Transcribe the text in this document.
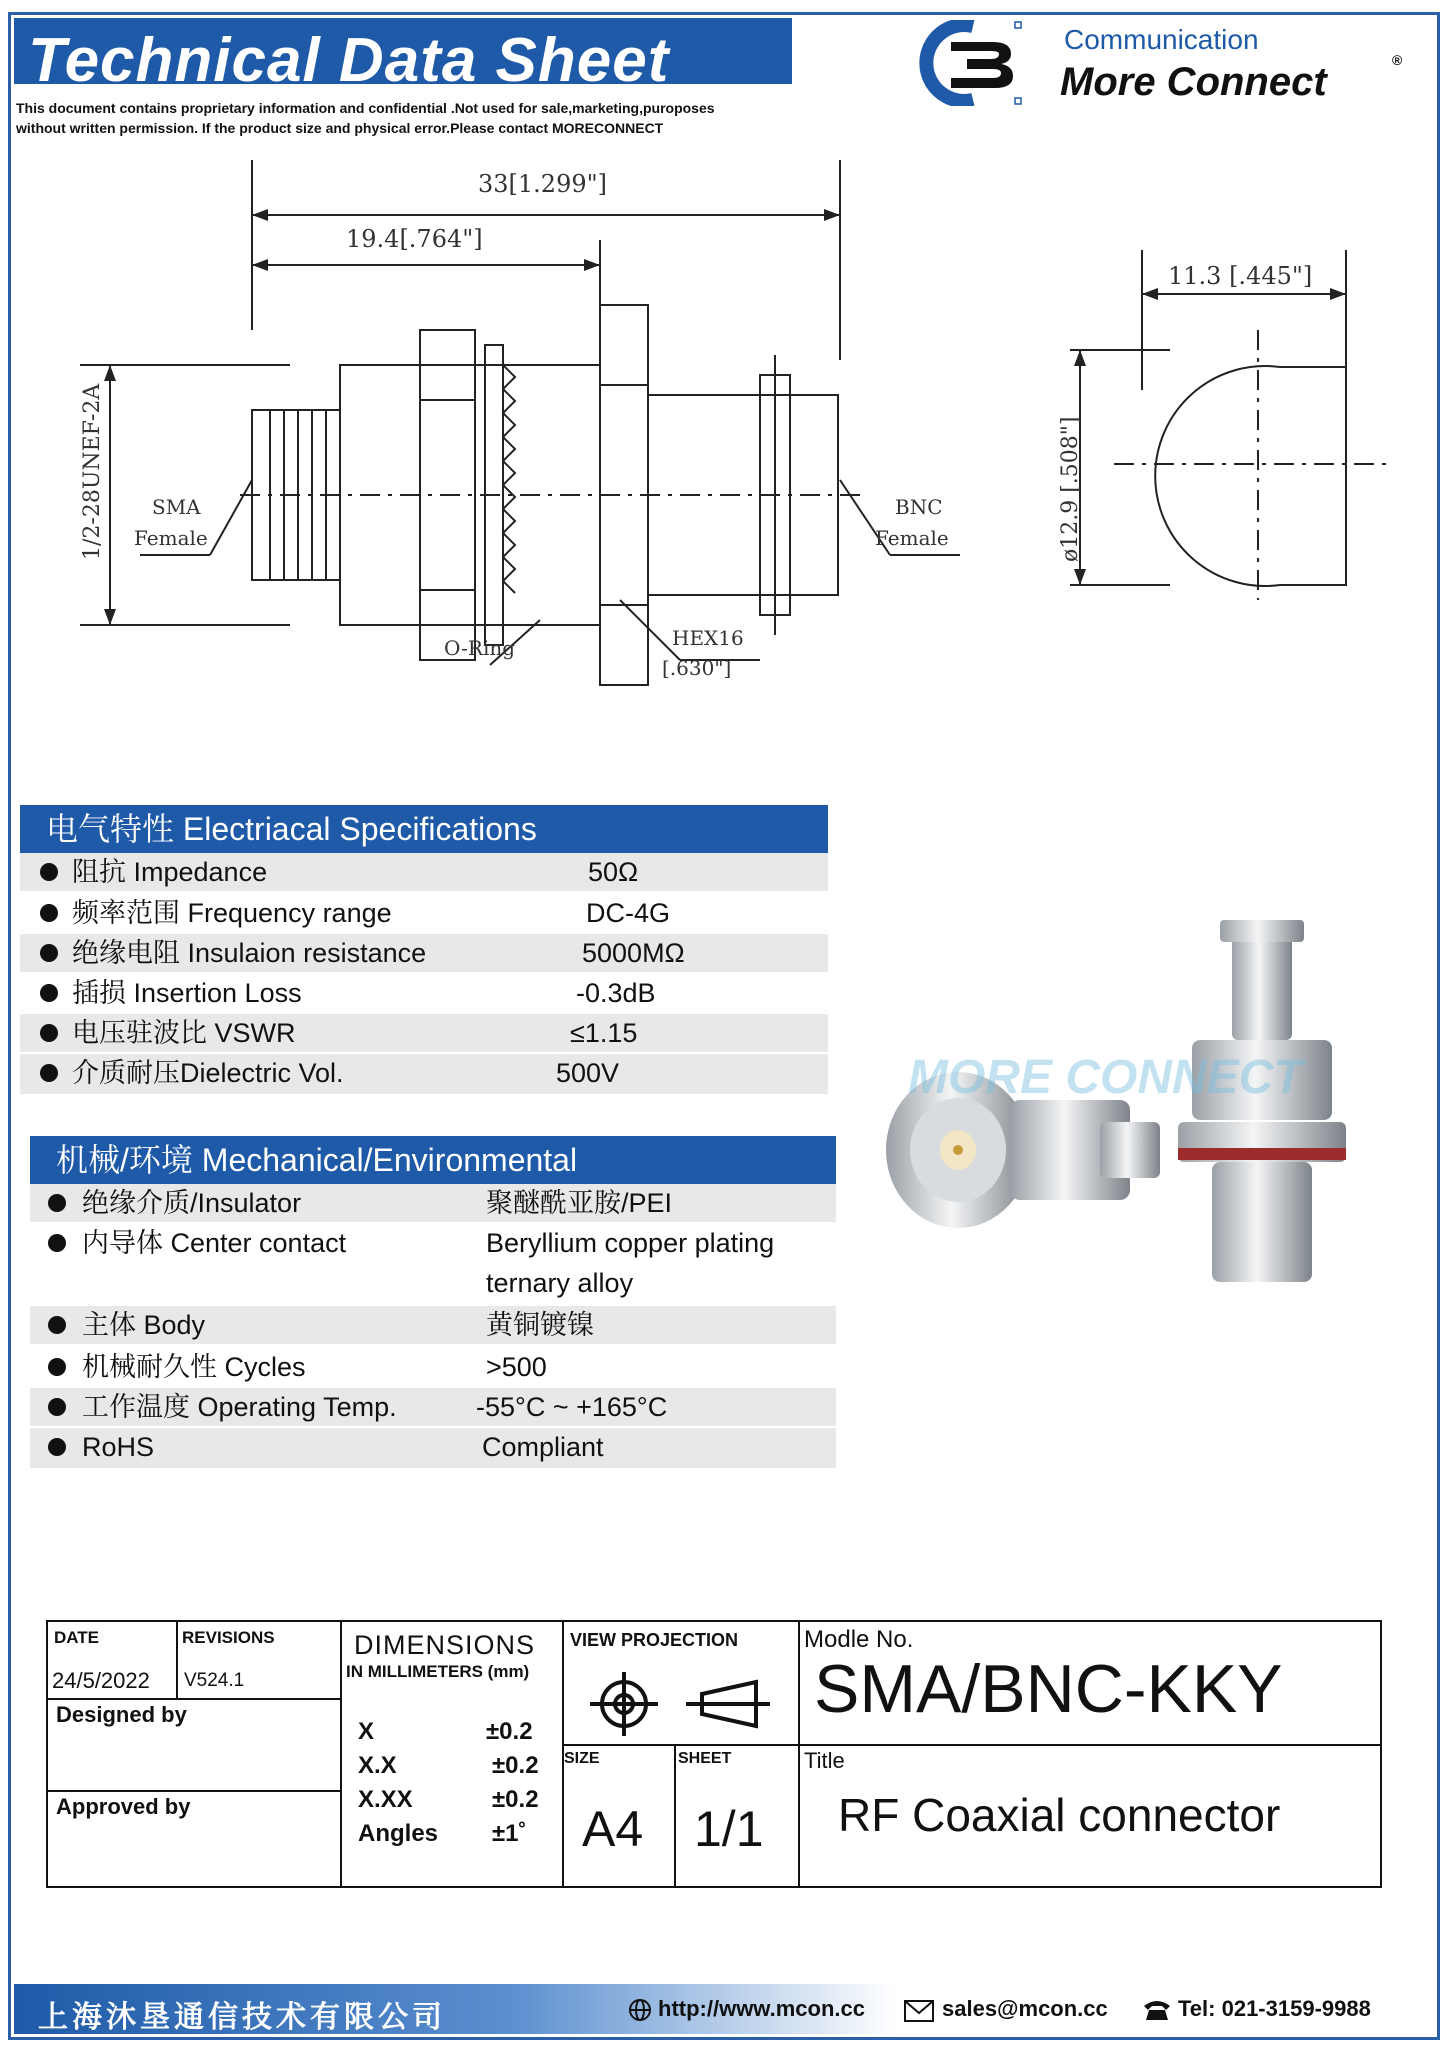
Technical Data Sheet
This document contains proprietary information and confidential .Not used for sale,marketing,puroposes
without written permission. If the product size and physical error.Please contact MORECONNECT
Communication
More Connect	®
33[1.299"]
19.4[.764"]
1/2-28UNEF-2A SMA
Female
BNC
Female
O-Ring	HEX16
[.630"]
11.3 [.445"]
ø12.9 [.508"]
电气特性 Electriacal Specifications
阻抗 Impedance	50Ω
频率范围 Frequency range	DC-4G
绝缘电阻 Insulaion resistance	5000MΩ
插损 Insertion Loss	-0.3dB
电压驻波比 VSWR	≤1.15
介质耐压Dielectric Vol.	500V
机械/环境 Mechanical/Environmental
绝缘介质/Insulator	聚醚酰亚胺/PEI
内导体 Center contact	Beryllium copper plating
ternary alloy
主体 Body	黄铜镀镍
机械耐久性 Cycles	>500
工作温度 Operating Temp.	-55°C ~ +165°C
RoHS	Compliant
MORE CONNECT
DATE
24/5/2022
REVISIONS
V524.1
Designed by
Approved by
DIMENSIONS
IN MILLIMETERS (mm)
X	±0.2
X.X	±0.2
X.XX	±0.2
Angles ±1˚
VIEW PROJECTION
SIZE
A4
SHEET
1/1
Modle No.
SMA/BNC-KKY
Title
RF Coaxial connector
上海沐垦通信技术有限公司	http://www.mcon.cc	sales@mcon.cc	Tel: 021-3159-9988
